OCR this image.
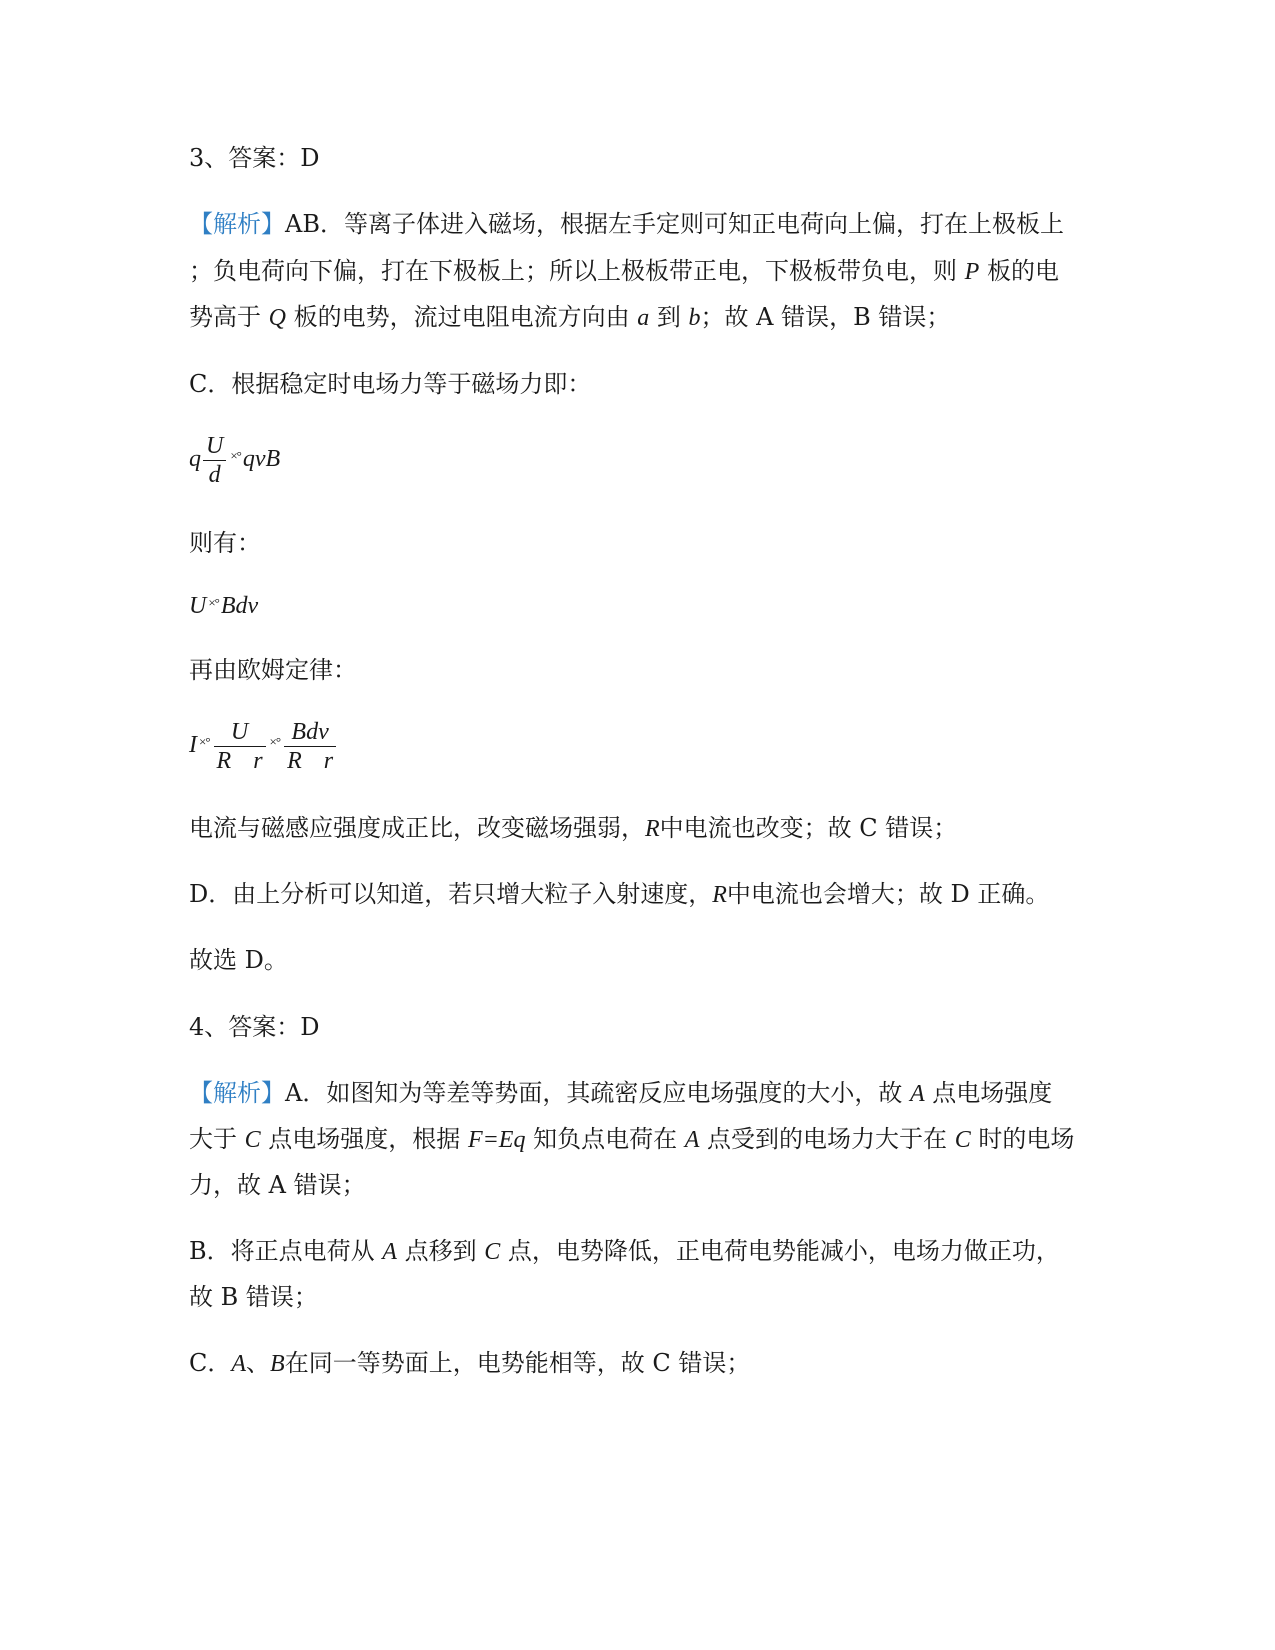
3、答案：D
【解析】AB．等离子体进入磁场，根据左手定则可知正电荷向上偏，打在上极板上
；负电荷向下偏，打在下极板上；所以上极板带正电，下极板带负电，则 P 板的电
势高于 Q 板的电势，流过电阻电流方向由 a 到 b；故 A 错误，B 错误；
C．根据稳定时电场力等于磁场力即：
q $\frac{U}{d} ^{\times^\circ}qvB$
则有：
U ×°Bdv
再由欧姆定律：
I $^{\times^\circ} \frac{U}{\text{R r}} ^{\times^\circ} \frac{\text{Bdv}}{\text{R r}}$
电流与磁感应强度成正比，改变磁场强弱，R中电流也改变；故 C 错误；
D．由上分析可以知道，若只增大粒子入射速度，R中电流也会增大；故 D 正确。
故选 D。
4、答案：D
【解析】A．如图知为等差等势面，其疏密反应电场强度的大小，故 A 点电场强度
大于 C 点电场强度，根据 F=Eq 知负点电荷在 A 点受到的电场力大于在 C 时的电场
力，故 A 错误；
B．将正点电荷从 A 点移到 C 点，电势降低，正电荷电势能减小，电场力做正功，
故 B 错误；
C．A、B在同一等势面上，电势能相等，故 C 错误；
